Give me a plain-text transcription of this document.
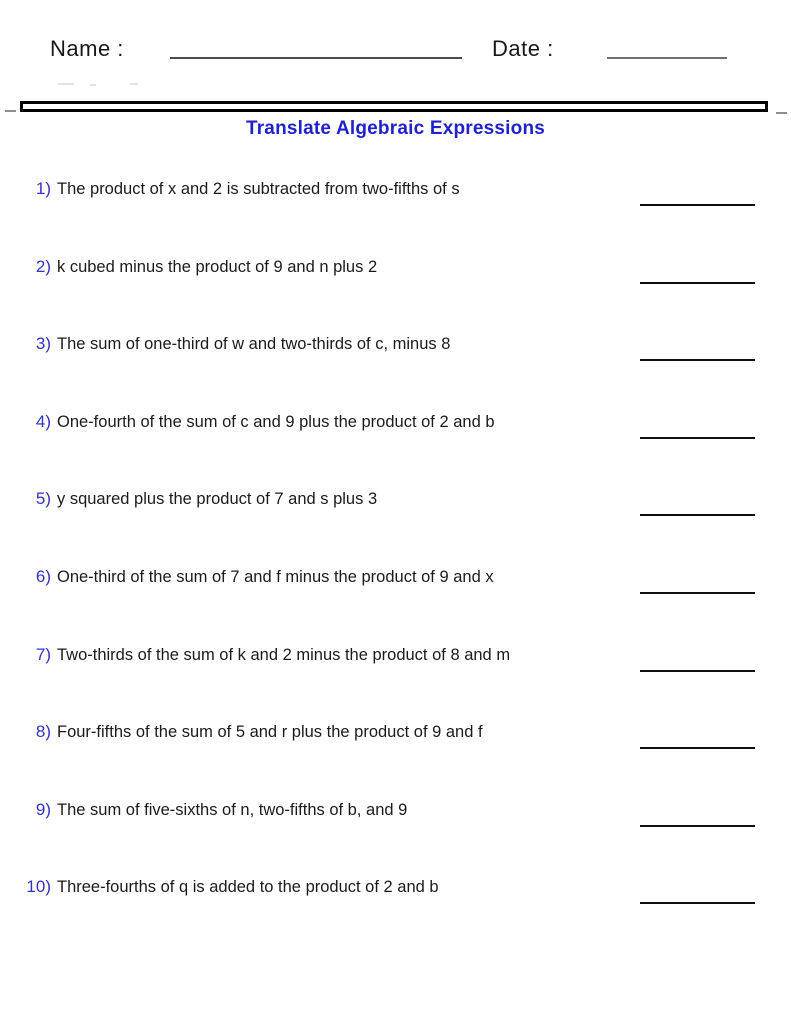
Name :	Date :
Translate Algebraic Expressions
1) The product of x and 2 is subtracted from two-fifths of s
2) k cubed minus the product of 9 and n plus 2
3) The sum of one-third of w and two-thirds of c, minus 8
4) One-fourth of the sum of c and 9 plus the product of 2 and b
5) y squared plus the product of 7 and s plus 3
6) One-third of the sum of 7 and f minus the product of 9 and x
7) Two-thirds of the sum of k and 2 minus the product of 8 and m
8) Four-fifths of the sum of 5 and r plus the product of 9 and f
9) The sum of five-sixths of n, two-fifths of b, and 9
10) Three-fourths of q is added to the product of 2 and b
